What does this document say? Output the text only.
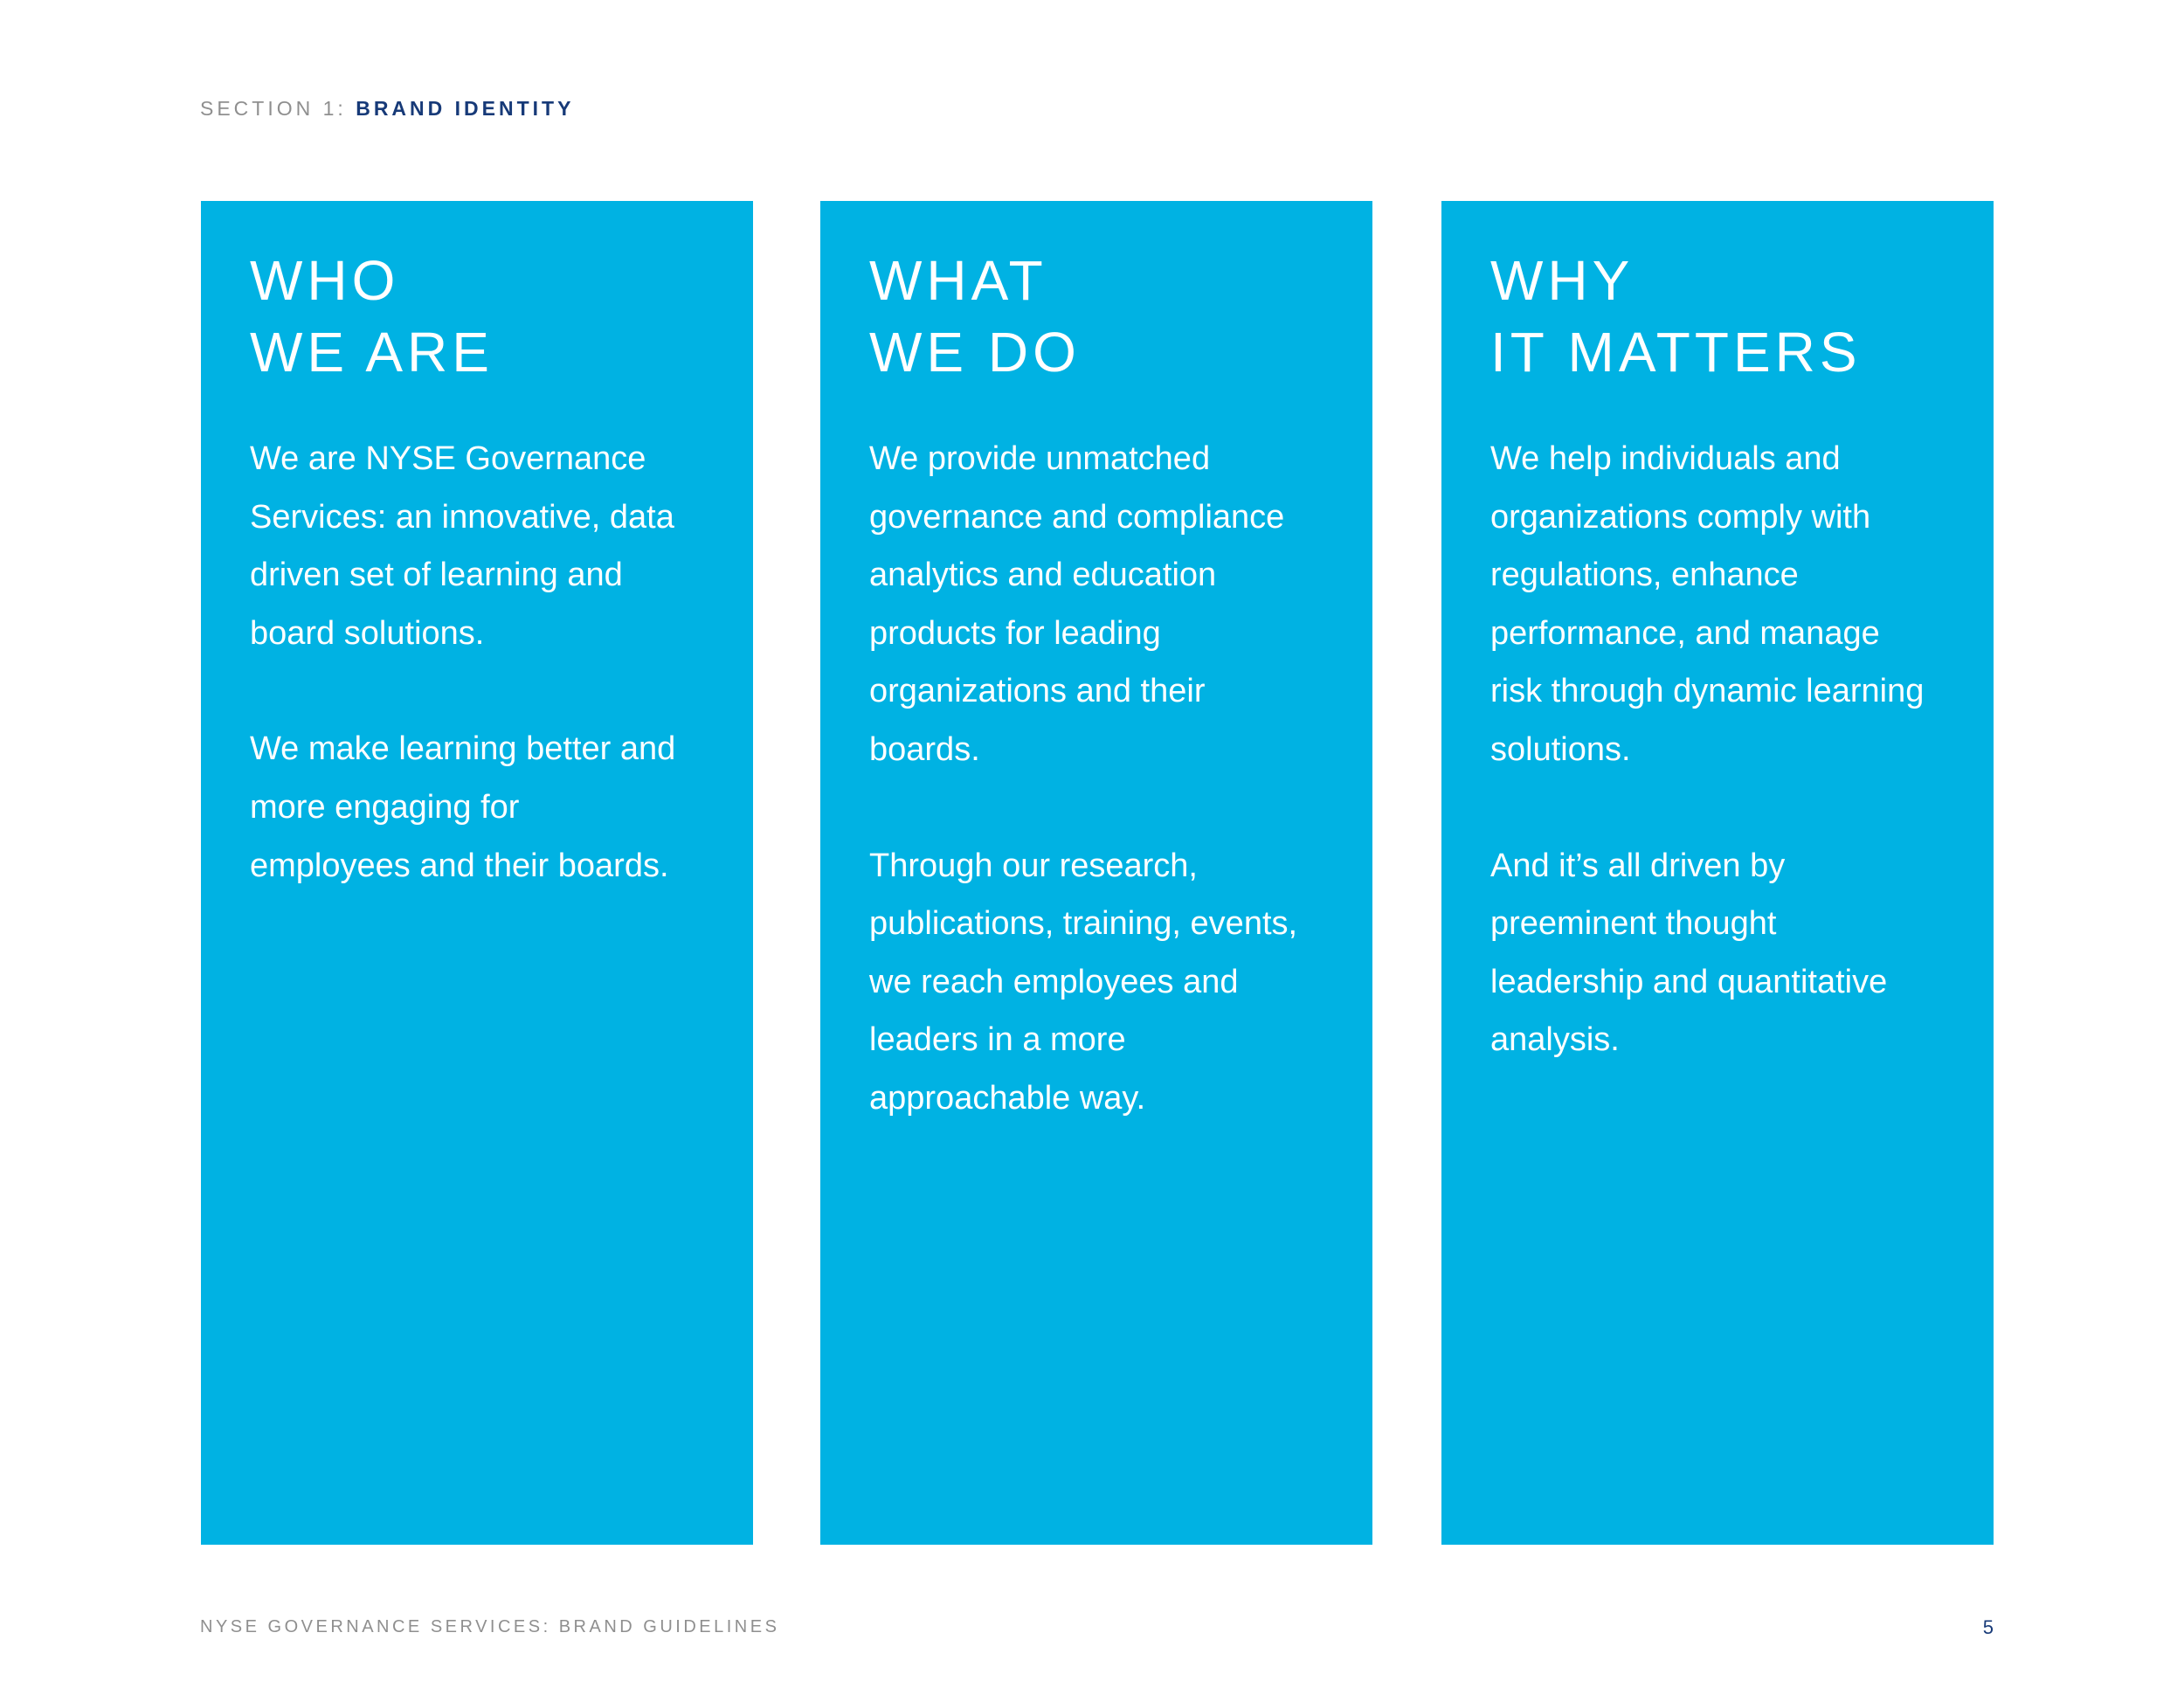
SECTION 1: BRAND IDENTITY
WHO
WE ARE

We are NYSE Governance Services: an innovative, data driven set of learning and board solutions.

We make learning better and more engaging for employees and their boards.

WHAT
WE DO

We provide unmatched governance and compliance analytics and education products for leading organizations and their boards.

Through our research, publications, training, events, we reach employees and leaders in a more approachable way.

WHY
IT MATTERS

We help individuals and organizations comply with regulations, enhance performance, and manage risk through dynamic learning solutions.

And it’s all driven by preeminent thought leadership and quantitative analysis.

NYSE GOVERNANCE SERVICES: BRAND GUIDELINES	5
